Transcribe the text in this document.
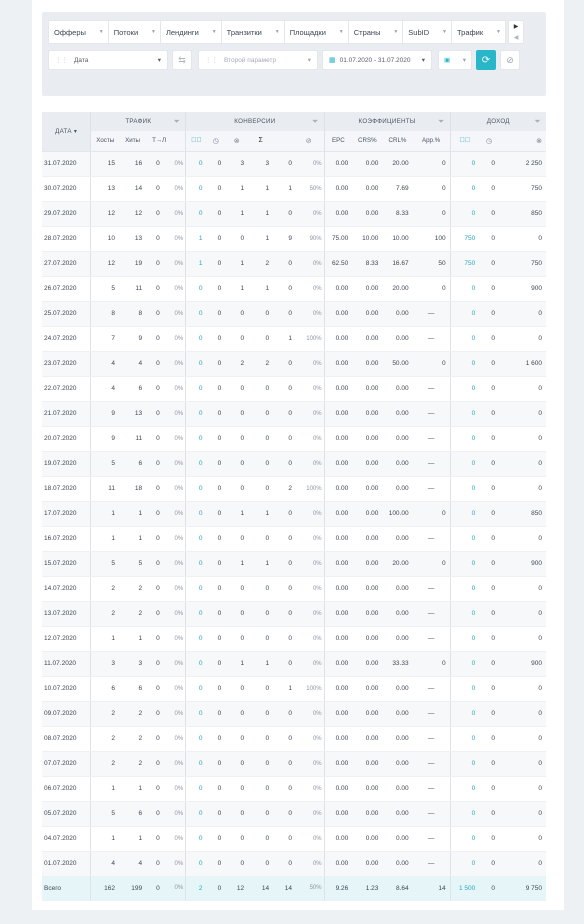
Офферы	▼ Потоки	▼ Лендинги	▼ Транзитки	▼ Площадки	▼ Страны	▼ SubID	▼ Трафик	▼
▶
◀
⋮⋮ Дата	▾ ⇆	⋮⋮ Второй параметр	▾	▦ 01.07.2020 - 31.07.2020 ▾	▣ ▾ ⟳ ⊘
ДАТА ▾	ТРАФИК ⏷				КОНВЕРСИИ ⏷						КОЭФФИЦИЕНТЫ ⏷				ДОХОД ⏷		

	Хосты	Хиты	Т→Л		✓⃝	◷	⊗	Σ	⊘		EPC	CRS%	CRL%	App.%	✓⃝	◷	⊗
31.07.2020	15	16	0	0%	0	0	3	3	0	0%	0.00	0.00	20.00	0	0	0	2 250
30.07.2020	13	14	0	0%	0	0	1	1	1	50%	0.00	0.00	7.69	0	0	0	750
29.07.2020	12	12	0	0%	0	0	1	1	0	0%	0.00	0.00	8.33	0	0	0	850
28.07.2020	10	13	0	0%	1	0	0	1	9	90%	75.00	10.00	10.00	100	750	0	0
27.07.2020	12	19	0	0%	1	0	1	2	0	0%	62.50	8.33	16.67	50	750	0	750
26.07.2020	5	11	0	0%	0	0	1	1	0	0%	0.00	0.00	20.00	0	0	0	900
25.07.2020	8	8	0	0%	0	0	0	0	0	0%	0.00	0.00	0.00	—	0	0	0
24.07.2020	7	9	0	0%	0	0	0	0	1	100%	0.00	0.00	0.00	—	0	0	0
23.07.2020	4	4	0	0%	0	0	2	2	0	0%	0.00	0.00	50.00	0	0	0	1 600
22.07.2020	4	6	0	0%	0	0	0	0	0	0%	0.00	0.00	0.00	—	0	0	0
21.07.2020	9	13	0	0%	0	0	0	0	0	0%	0.00	0.00	0.00	—	0	0	0
20.07.2020	9	11	0	0%	0	0	0	0	0	0%	0.00	0.00	0.00	—	0	0	0
19.07.2020	5	6	0	0%	0	0	0	0	0	0%	0.00	0.00	0.00	—	0	0	0
18.07.2020	11	18	0	0%	0	0	0	0	2	100%	0.00	0.00	0.00	—	0	0	0
17.07.2020	1	1	0	0%	0	0	1	1	0	0%	0.00	0.00	100.00	0	0	0	850
16.07.2020	1	1	0	0%	0	0	0	0	0	0%	0.00	0.00	0.00	—	0	0	0
15.07.2020	5	5	0	0%	0	0	1	1	0	0%	0.00	0.00	20.00	0	0	0	900
14.07.2020	2	2	0	0%	0	0	0	0	0	0%	0.00	0.00	0.00	—	0	0	0
13.07.2020	2	2	0	0%	0	0	0	0	0	0%	0.00	0.00	0.00	—	0	0	0
12.07.2020	1	1	0	0%	0	0	0	0	0	0%	0.00	0.00	0.00	—	0	0	0
11.07.2020	3	3	0	0%	0	0	1	1	0	0%	0.00	0.00	33.33	0	0	0	900
10.07.2020	6	6	0	0%	0	0	0	0	1	100%	0.00	0.00	0.00	—	0	0	0
09.07.2020	2	2	0	0%	0	0	0	0	0	0%	0.00	0.00	0.00	—	0	0	0
08.07.2020	2	2	0	0%	0	0	0	0	0	0%	0.00	0.00	0.00	—	0	0	0
07.07.2020	2	2	0	0%	0	0	0	0	0	0%	0.00	0.00	0.00	—	0	0	0
06.07.2020	1	1	0	0%	0	0	0	0	0	0%	0.00	0.00	0.00	—	0	0	0
05.07.2020	5	6	0	0%	0	0	0	0	0	0%	0.00	0.00	0.00	—	0	0	0
04.07.2020	1	1	0	0%	0	0	0	0	0	0%	0.00	0.00	0.00	—	0	0	0
01.07.2020	4	4	0	0%	0	0	0	0	0	0%	0.00	0.00	0.00	—	0	0	0
Всего	162	199	0	0%	2	0	12	14	14	50%	9.26	1.23	8.64	14	1 500	0	9 750
